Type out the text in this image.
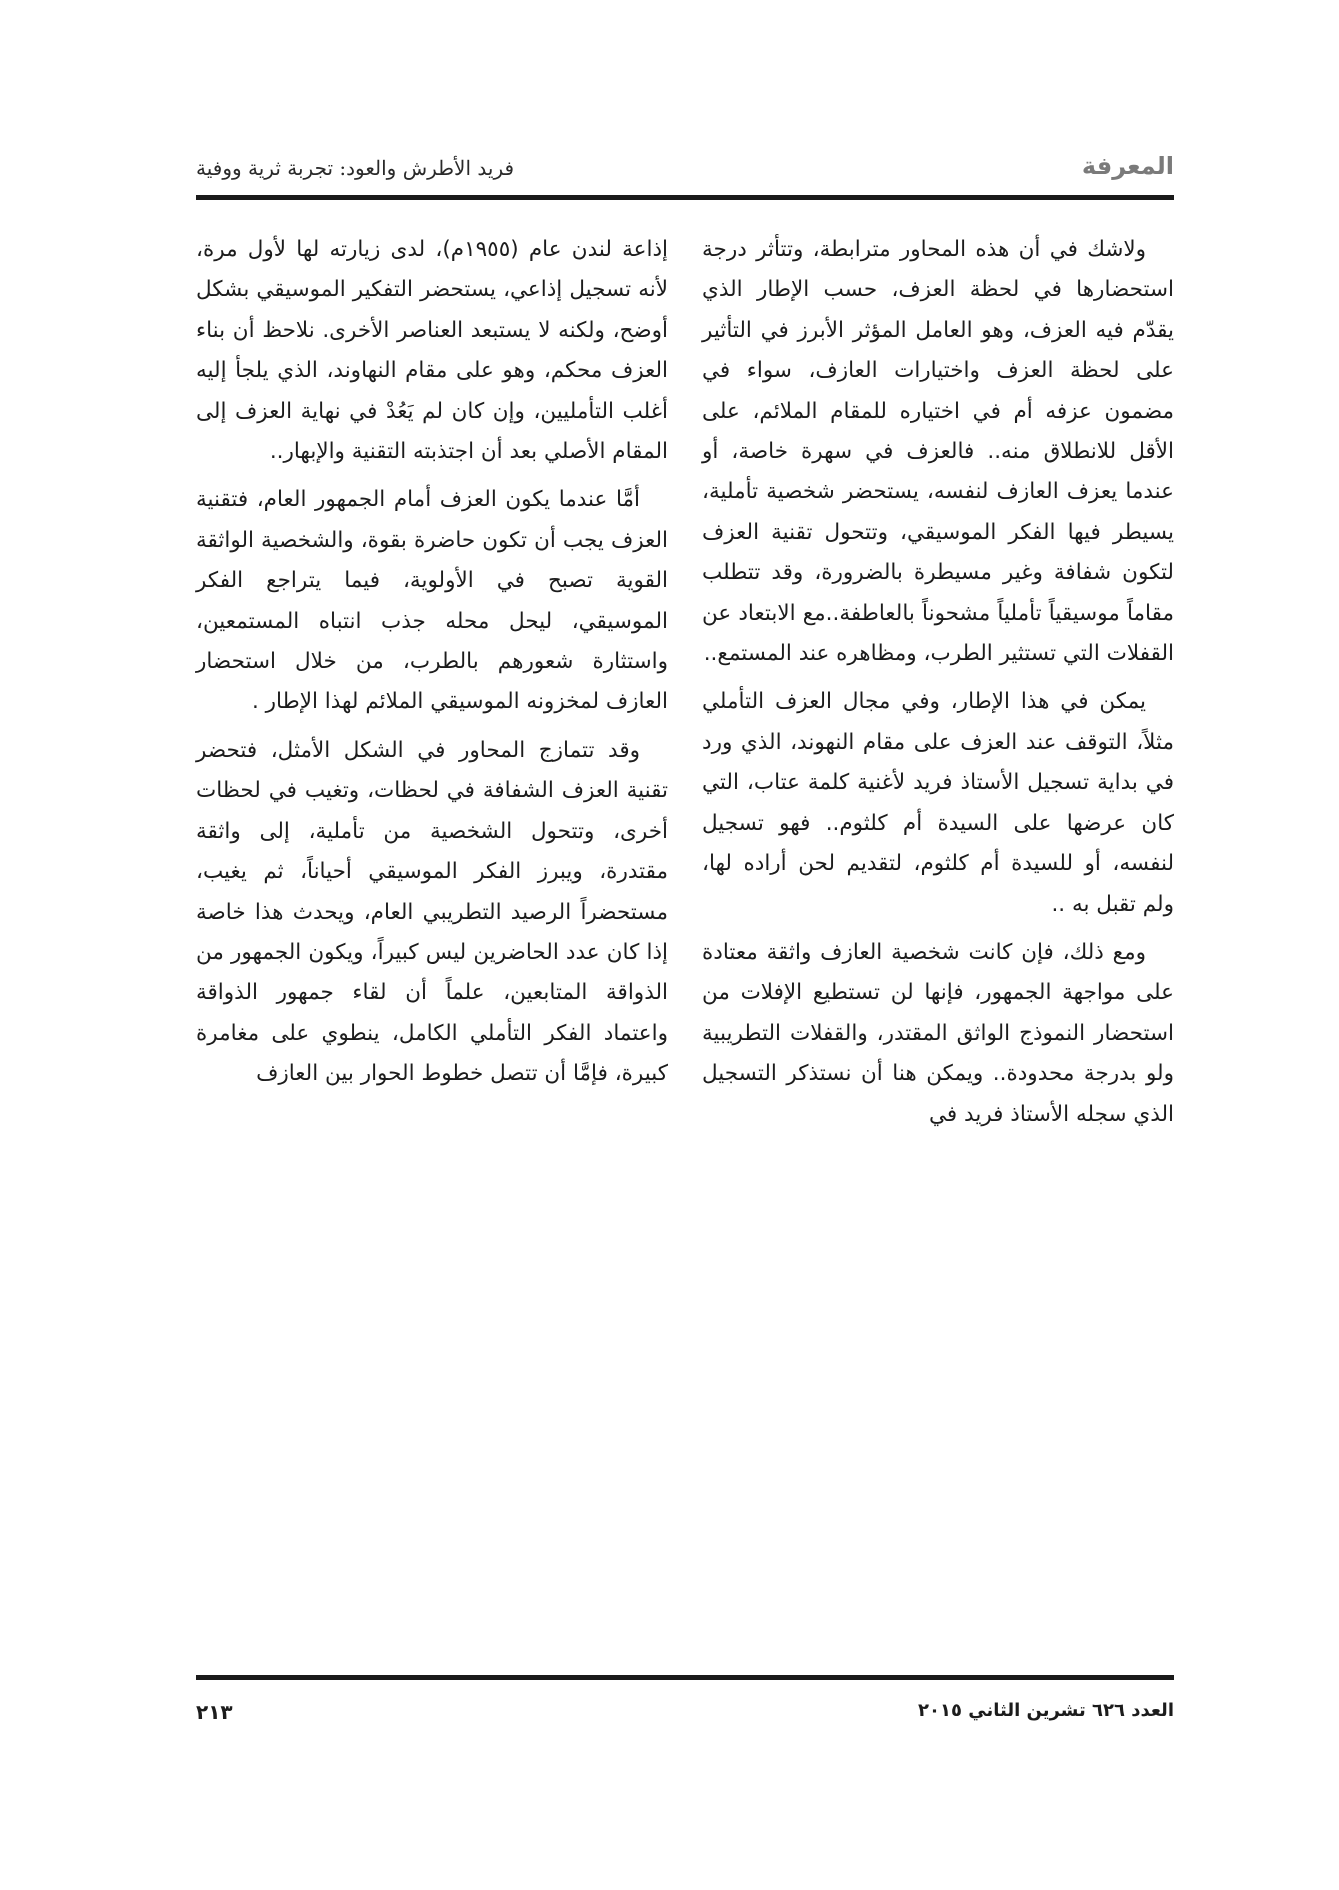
المعرفة
فريد الأطرش والعود: تجربة ثرية ووفية

ولاشك في أن هذه المحاور مترابطة، وتتأثر درجة استحضارها في لحظة العزف، حسب الإطار الذي يقدّم فيه العزف، وهو العامل المؤثر الأبرز في التأثير على لحظة العزف واختيارات العازف، سواء في مضمون عزفه أم في اختياره للمقام الملائم، على الأقل للانطلاق منه.. فالعزف في سهرة خاصة، أو عندما يعزف العازف لنفسه، يستحضر شخصية تأملية، يسيطر فيها الفكر الموسيقي، وتتحول تقنية العزف لتكون شفافة وغير مسيطرة بالضرورة، وقد تتطلب مقاماً موسيقياً تأملياً مشحوناً بالعاطفة..مع الابتعاد عن القفلات التي تستثير الطرب، ومظاهره عند المستمع..

يمكن في هذا الإطار، وفي مجال العزف التأملي مثلاً، التوقف عند العزف على مقام النهوند، الذي ورد في بداية تسجيل الأستاذ فريد لأغنية كلمة عتاب، التي كان عرضها على السيدة أم كلثوم.. فهو تسجيل لنفسه، أو للسيدة أم كلثوم، لتقديم لحن أراده لها، ولم تقبل به ..

ومع ذلك، فإن كانت شخصية العازف واثقة معتادة على مواجهة الجمهور، فإنها لن تستطيع الإفلات من استحضار النموذج الواثق المقتدر، والقفلات التطريبية ولو بدرجة محدودة.. ويمكن هنا أن نستذكر التسجيل الذي سجله الأستاذ فريد في

إذاعة لندن عام (١٩٥٥م)، لدى زيارته لها لأول مرة، لأنه تسجيل إذاعي، يستحضر التفكير الموسيقي بشكل أوضح، ولكنه لا يستبعد العناصر الأخرى. نلاحظ أن بناء العزف محكم، وهو على مقام النهاوند، الذي يلجأ إليه أغلب التأمليين، وإن كان لم يَعُدْ في نهاية العزف إلى المقام الأصلي بعد أن اجتذبته التقنية والإبهار..

أمَّا عندما يكون العزف أمام الجمهور العام، فتقنية العزف يجب أن تكون حاضرة بقوة، والشخصية الواثقة القوية تصبح في الأولوية، فيما يتراجع الفكر الموسيقي، ليحل محله جذب انتباه المستمعين، واستثارة شعورهم بالطرب، من خلال استحضار العازف لمخزونه الموسيقي الملائم لهذا الإطار .

وقد تتمازج المحاور في الشكل الأمثل، فتحضر تقنية العزف الشفافة في لحظات، وتغيب في لحظات أخرى، وتتحول الشخصية من تأملية، إلى واثقة مقتدرة، ويبرز الفكر الموسيقي أحياناً، ثم يغيب، مستحضراً الرصيد التطريبي العام، ويحدث هذا خاصة إذا كان عدد الحاضرين ليس كبيراً، ويكون الجمهور من الذواقة المتابعين، علماً أن لقاء جمهور الذواقة واعتماد الفكر التأملي الكامل، ينطوي على مغامرة كبيرة، فإمَّا أن تتصل خطوط الحوار بين العازف

العدد ٦٢٦ تشرين الثاني ٢٠١٥
٢١٣
